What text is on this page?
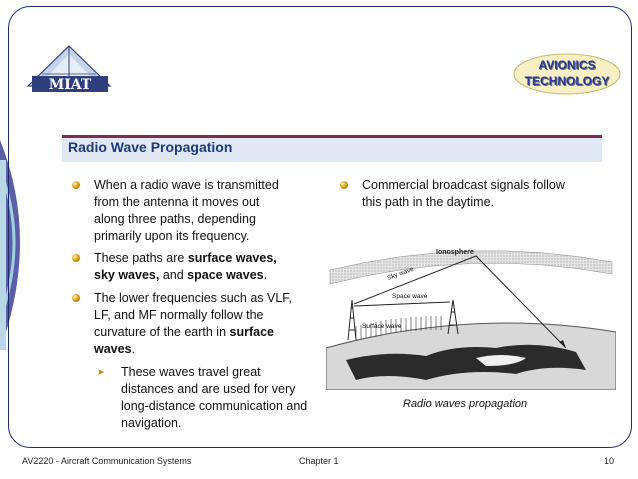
MIAT
AVIONICS
TECHNOLOGY
Radio Wave Propagation
When a radio wave is transmitted
from the antenna it moves out
along three paths, depending
primarily upon its frequency.
These paths are surface waves,
sky waves, and space waves.
The lower frequencies such as VLF,
LF, and MF normally follow the
curvature of the earth in surface
waves.
➤ These waves travel great
distances and are used for very
long-distance communication and
navigation.
Commercial broadcast signals follow
this path in the daytime.
Ionosphere
Surface wave
Space wave
Sky wave
Radio waves propagation
AV2220 - Aircraft Communication Systems	Chapter 1	10
